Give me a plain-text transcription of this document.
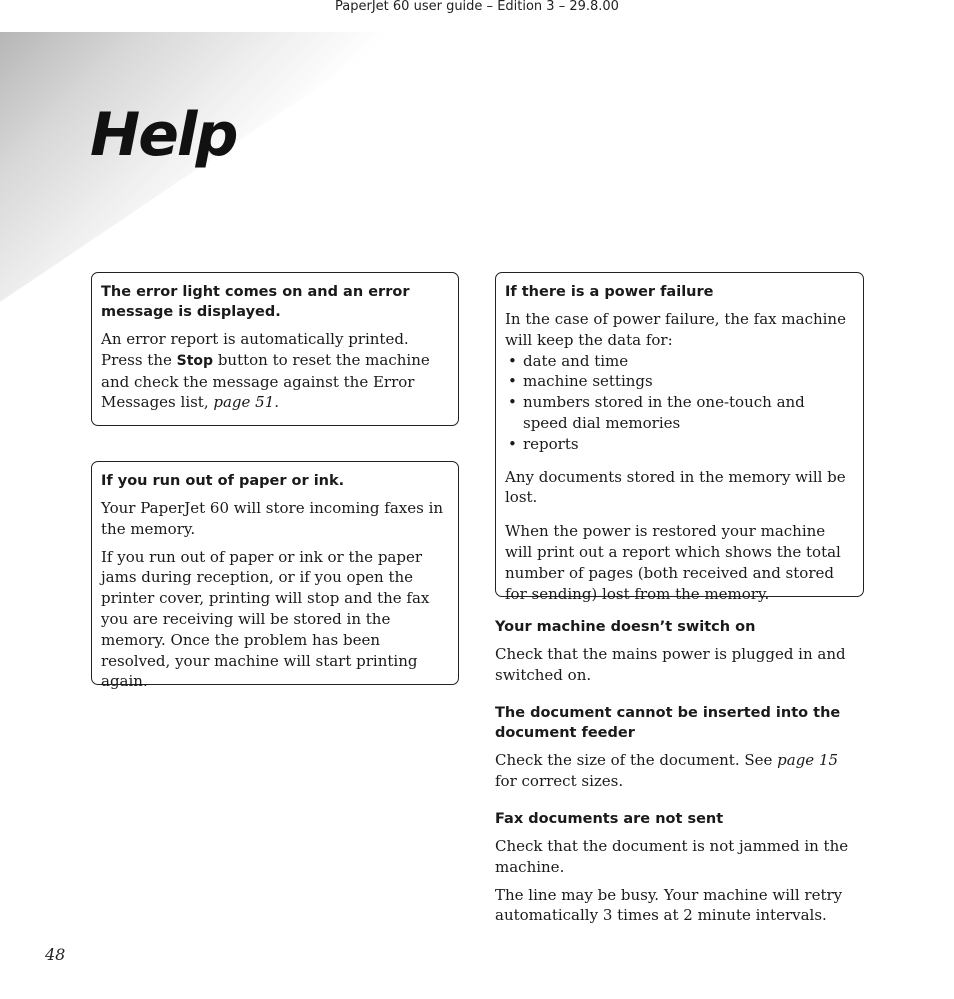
PaperJet 60 user guide – Edition 3 – 29.8.00
Help

The error light comes on and an error message is displayed.

An error report is automatically printed. Press the Stop button to reset the machine and check the message against the Error Messages list, page 51.

If you run out of paper or ink.

Your PaperJet 60 will store incoming faxes in the memory.

If you run out of paper or ink or the paper jams during reception, or if you open the printer cover, printing will stop and the fax you are receiving will be stored in the memory. Once the problem has been resolved, your machine will start printing again.

If there is a power failure

In the case of power failure, the fax machine will keep the data for:

• date and time
• machine settings
• numbers stored in the one-touch and speed dial memories
• reports

Any documents stored in the memory will be lost.

When the power is restored your machine will print out a report which shows the total number of pages (both received and stored for sending) lost from the memory.

Your machine doesn’t switch on

Check that the mains power is plugged in and switched on.

The document cannot be inserted into the document feeder

Check the size of the document. See page 15 for correct sizes.

Fax documents are not sent

Check that the document is not jammed in the machine.

The line may be busy. Your machine will retry automatically 3 times at 2 minute intervals.

48
